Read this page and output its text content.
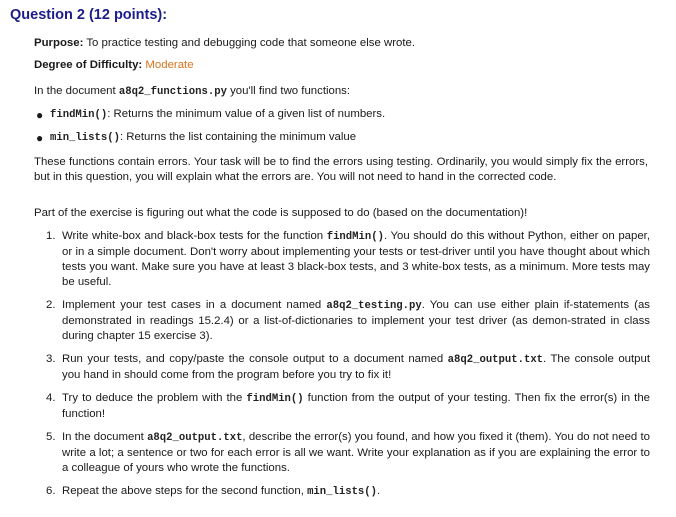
Question 2 (12 points):
Purpose: To practice testing and debugging code that someone else wrote.
Degree of Difficulty: Moderate
In the document a8q2_functions.py you'll find two functions:
● findMin(): Returns the minimum value of a given list of numbers.
● min_lists(): Returns the list containing the minimum value
These functions contain errors. Your task will be to find the errors using testing. Ordinarily, you would simply fix the errors, but in this question, you will explain what the errors are. You will not need to hand in the corrected code.
Part of the exercise is figuring out what the code is supposed to do (based on the documentation)!
1. Write white-box and black-box tests for the function findMin(). You should do this without Python, either on paper, or in a simple document. Don't worry about implementing your tests or test-driver until you have thought about which tests you want. Make sure you have at least 3 black-box tests, and 3 white-box tests, as a minimum. More tests may be useful.
2. Implement your test cases in a document named a8q2_testing.py. You can use either plain if-statements (as demonstrated in readings 15.2.4) or a list-of-dictionaries to implement your test driver (as demon-strated in class during chapter 15 exercise 3).
3. Run your tests, and copy/paste the console output to a document named a8q2_output.txt. The console output you hand in should come from the program before you try to fix it!
4. Try to deduce the problem with the findMin() function from the output of your testing. Then fix the error(s) in the function!
5. In the document a8q2_output.txt, describe the error(s) you found, and how you fixed it (them). You do not need to write a lot; a sentence or two for each error is all we want. Write your explanation as if you are explaining the error to a colleague of yours who wrote the functions.
6. Repeat the above steps for the second function, min_lists().
